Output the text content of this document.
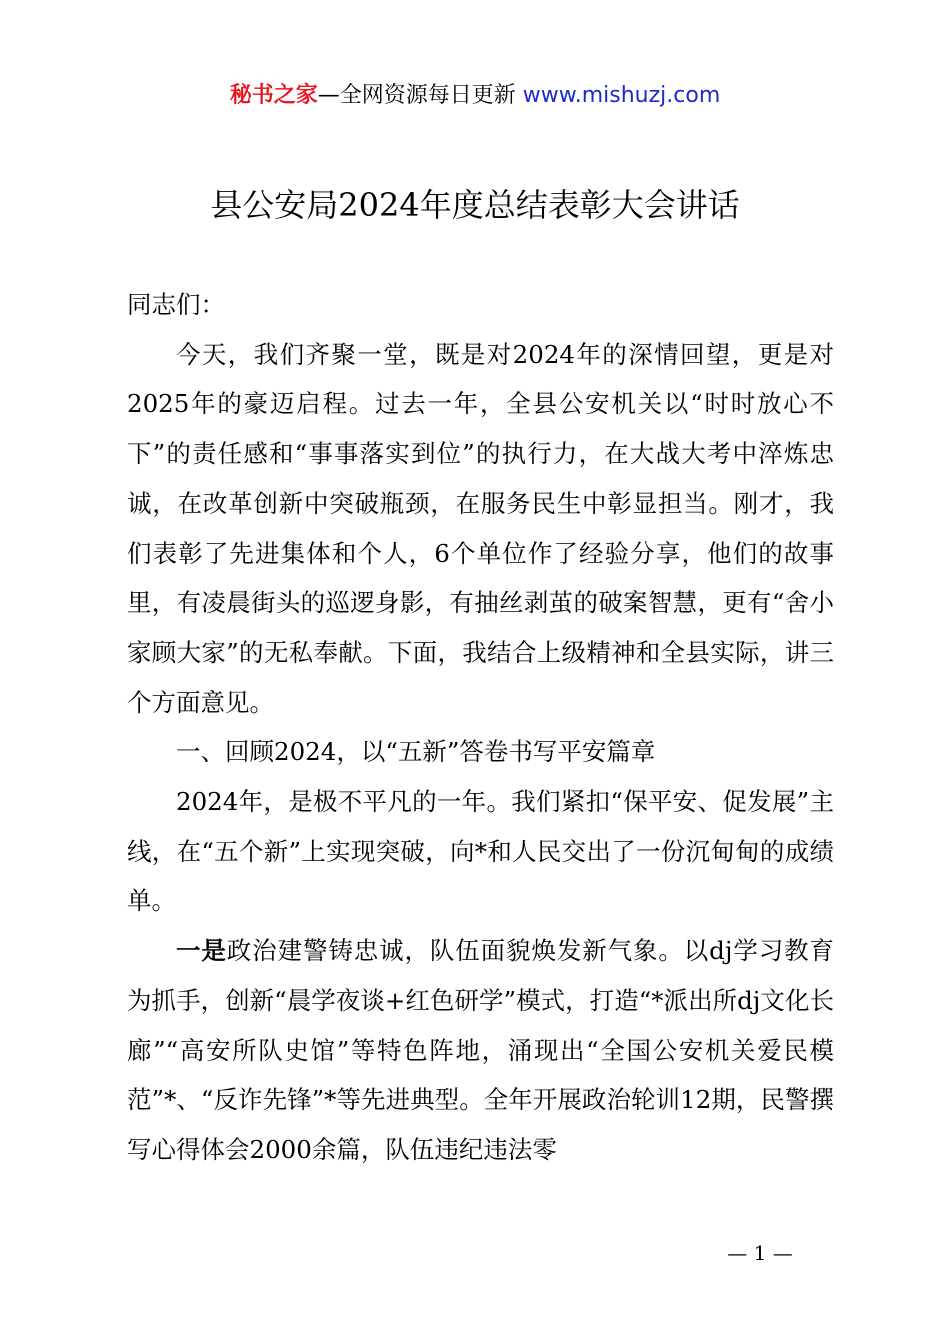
秘书之家—全网资源每日更新 www.mishuzj.com
县公安局2024年度总结表彰大会讲话

同志们：

今天，我们齐聚一堂，既是对2024年的深情回望，更是对2025年的豪迈启程。过去一年，全县公安机关以“时时放心不下”的责任感和“事事落实到位”的执行力，在大战大考中淬炼忠诚，在改革创新中突破瓶颈，在服务民生中彰显担当。刚才，我们表彰了先进集体和个人，6个单位作了经验分享，他们的故事里，有凌晨街头的巡逻身影，有抽丝剥茧的破案智慧，更有“舍小家顾大家”的无私奉献。下面，我结合上级精神和全县实际，讲三个方面意见。

一、回顾2024，以“五新”答卷书写平安篇章

2024年，是极不平凡的一年。我们紧扣“保平安、促发展”主线，在“五个新”上实现突破，向*和人民交出了一份沉甸甸的成绩单。

一是政治建警铸忠诚，队伍面貌焕发新气象。以dj学习教育为抓手，创新“晨学夜谈+红色研学”模式，打造“*派出所dj文化长廊”“高安所队史馆”等特色阵地，涌现出“全国公安机关爱民模范”*、“反诈先锋”*等先进典型。全年开展政治轮训12期，民警撰写心得体会2000余篇，队伍违纪违法零

— 1 —
